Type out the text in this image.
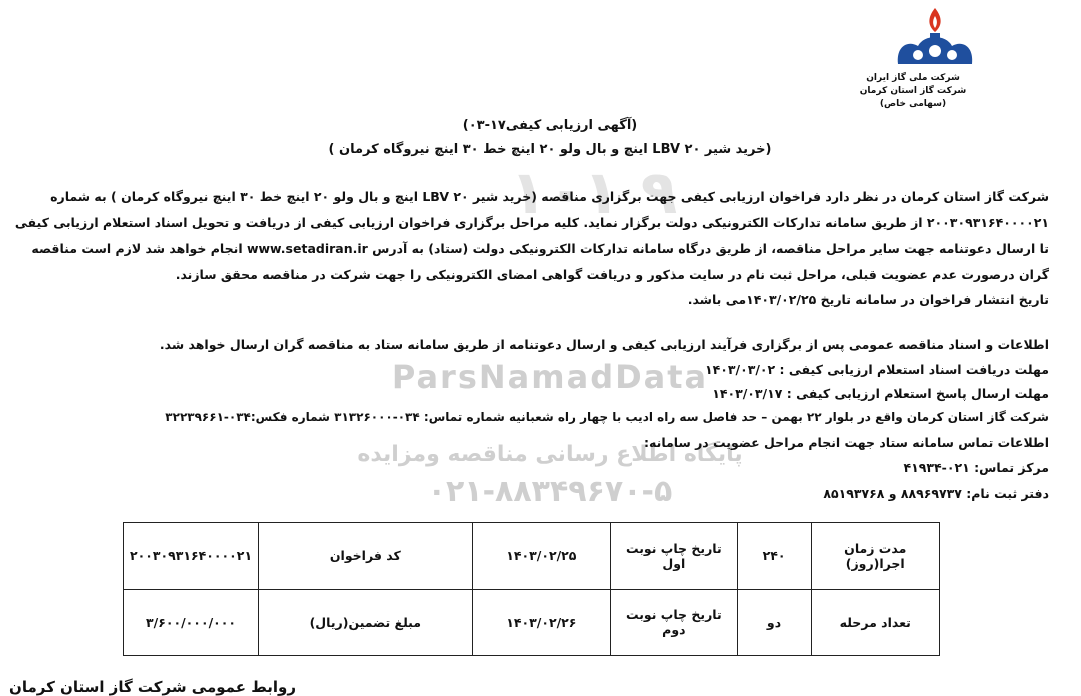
شرکت ملی گاز ایران
شرکت گاز استان کرمان
(سهامی خاص)
۱۰۱ ۹
ParsNamadData
پایگاه اطلاع رسانی مناقصه ومزایده
۰۲۱-۸۸۳۴۹۶۷۰-۵
(آگهی ارزیابی کیفی۱۷-۰۳)
(خرید شیر LBV ۲۰ اینچ و بال ولو ۲۰ اینچ خط ۳۰ اینچ نیروگاه کرمان )
شرکت گاز استان کرمان در نظر دارد فراخوان ارزیابی کیفی جهت برگزاری مناقصه (خرید شیر LBV ۲۰ اینچ و بال ولو ۲۰ اینچ خط ۳۰ اینچ نیروگاه کرمان ) به شماره ۲۰۰۳۰۹۳۱۶۴۰۰۰۰۲۱ از طریق سامانه تدارکات الکترونیکی دولت برگزار نماید. کلیه مراحل برگزاری فراخوان ارزیابی کیفی از دریافت و تحویل اسناد استعلام ارزیابی کیفی تا ارسال دعوتنامه جهت سایر مراحل مناقصه، از طریق درگاه سامانه تدارکات الکترونیکی دولت (ستاد) به آدرس www.setadiran.ir انجام خواهد شد لازم است مناقصه گران درصورت عدم عضویت قبلی، مراحل ثبت نام در سایت مذکور و دریافت گواهی امضای الکترونیکی را جهت شرکت در مناقصه محقق سازند.
تاریخ انتشار فراخوان در سامانه تاریخ ۱۴۰۳/۰۲/۲۵می باشد.
اطلاعات و اسناد مناقصه عمومی پس از برگزاری فرآیند ارزیابی کیفی و ارسال دعوتنامه از طریق سامانه ستاد به مناقصه گران ارسال خواهد شد.
مهلت دریافت اسناد استعلام ارزیابی کیفی : ۱۴۰۳/۰۳/۰۲
مهلت ارسال پاسخ استعلام ارزیابی کیفی : ۱۴۰۳/۰۳/۱۷
شرکت گاز استان کرمان واقع در بلوار ۲۲ بهمن – حد فاصل سه راه ادیب با چهار راه شعبانیه شماره تماس: ۰۳۴-۳۱۳۲۶۰۰۰ شماره فکس:۰۳۴-۳۲۲۳۹۶۶۱
اطلاعات تماس سامانه ستاد جهت انجام مراحل عضویت در سامانه:
مرکز تماس: ۰۲۱-۴۱۹۳۴
دفتر ثبت نام: ۸۸۹۶۹۷۳۷ و ۸۵۱۹۳۷۶۸
مدت زمان اجرا(روز)	۲۴۰	تاریخ چاپ نوبت اول	۱۴۰۳/۰۲/۲۵	کد فراخوان	۲۰۰۳۰۹۳۱۶۴۰۰۰۰۲۱
تعداد مرحله	دو	تاریخ چاپ نوبت دوم	۱۴۰۳/۰۲/۲۶	مبلغ تضمین(ریال)	۳/۶۰۰/۰۰۰/۰۰۰
روابط عمومی شرکت گاز استان کرمان
